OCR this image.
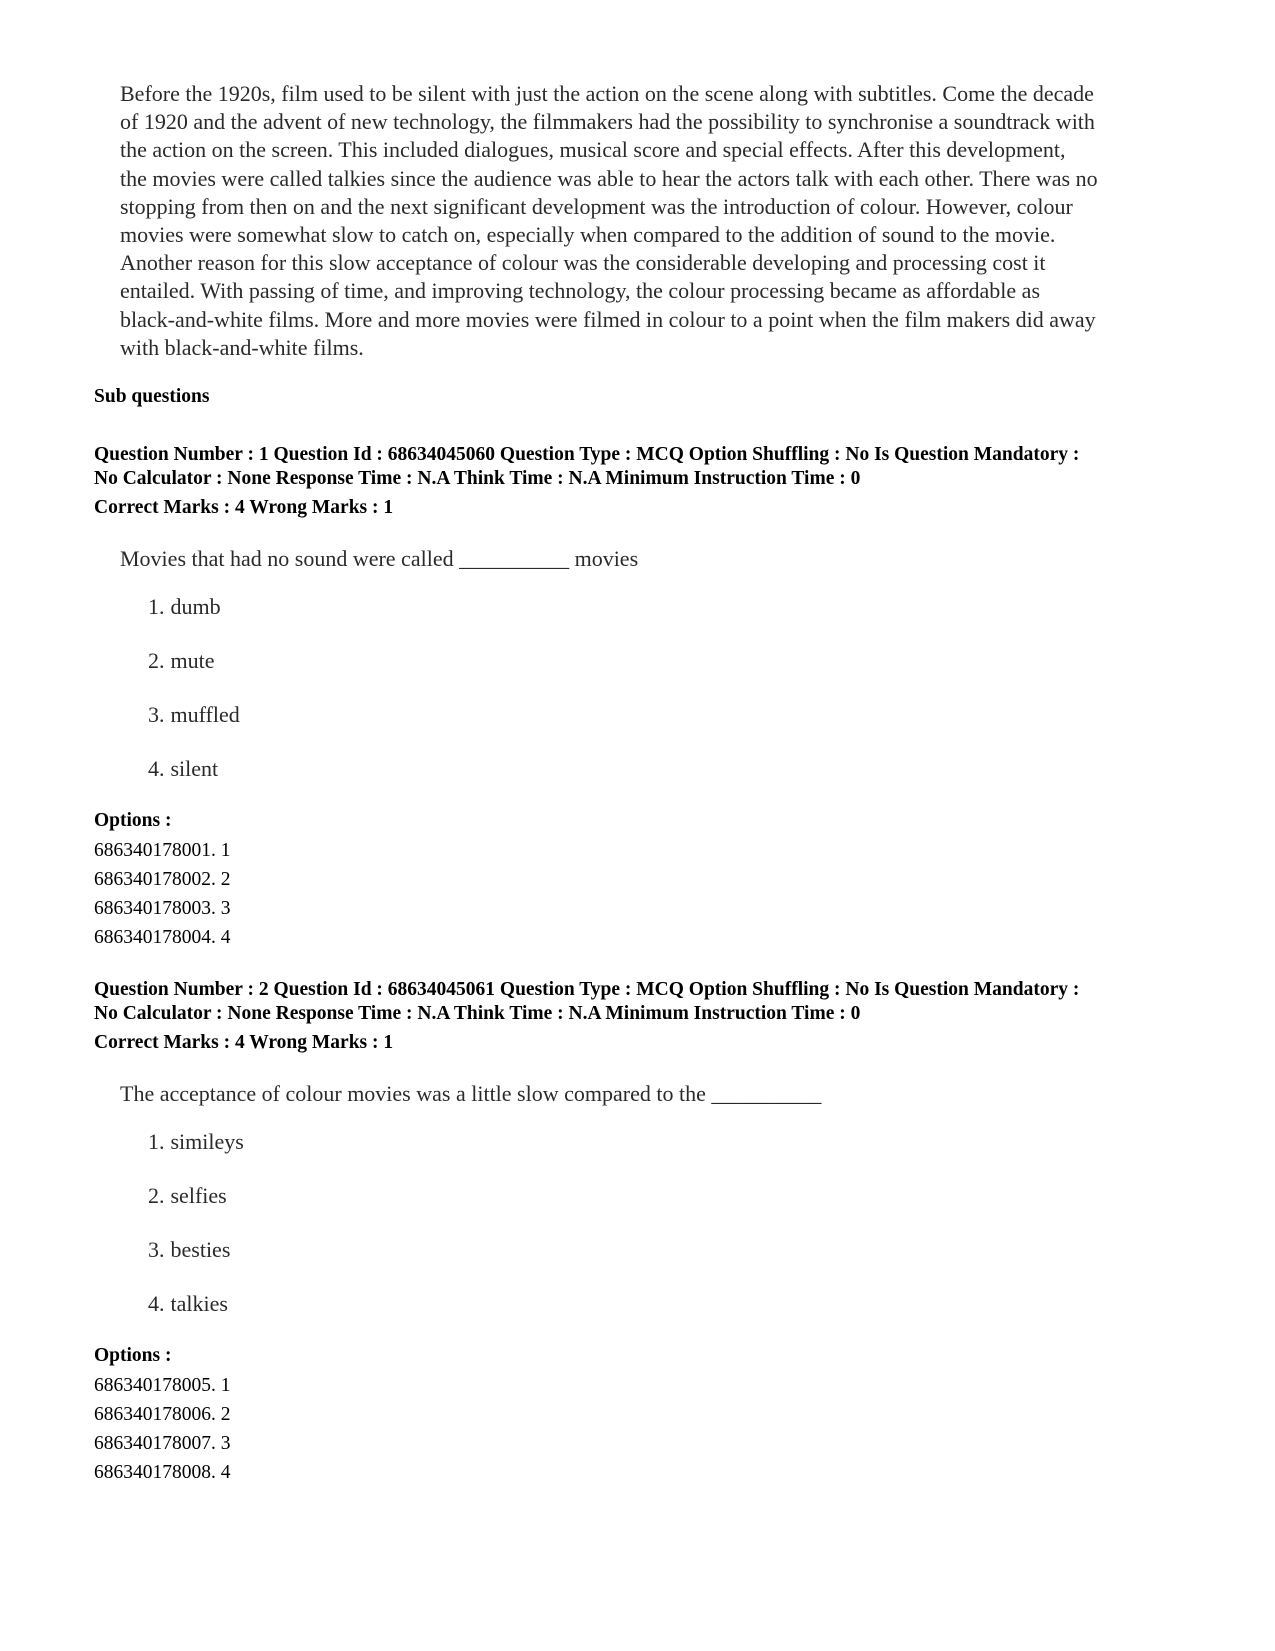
Before the 1920s, film used to be silent with just the action on the scene along with subtitles. Come the decade

of 1920 and the advent of new technology, the filmmakers had the possibility to synchronise a soundtrack with

the action on the screen. This included dialogues, musical score and special effects. After this development,

the movies were called talkies since the audience was able to hear the actors talk with each other. There was no

stopping from then on and the next significant development was the introduction of colour. However, colour

movies were somewhat slow to catch on, especially when compared to the addition of sound to the movie.

Another reason for this slow acceptance of colour was the considerable developing and processing cost it

entailed. With passing of time, and improving technology, the colour processing became as affordable as

black-and-white films. More and more movies were filmed in colour to a point when the film makers did away

with black-and-white films.

Sub questions

Question Number : 1 Question Id : 68634045060 Question Type : MCQ Option Shuffling : No Is Question Mandatory :

No Calculator : None Response Time : N.A Think Time : N.A Minimum Instruction Time : 0

Correct Marks : 4 Wrong Marks : 1

Movies that had no sound were called __________ movies

1. dumb
2. mute
3. muffled
4. silent

Options :

686340178001. 1
686340178002. 2
686340178003. 3
686340178004. 4

Question Number : 2 Question Id : 68634045061 Question Type : MCQ Option Shuffling : No Is Question Mandatory :

No Calculator : None Response Time : N.A Think Time : N.A Minimum Instruction Time : 0

Correct Marks : 4 Wrong Marks : 1

The acceptance of colour movies was a little slow compared to the __________

1. simileys
2. selfies
3. besties
4. talkies

Options :

686340178005. 1
686340178006. 2
686340178007. 3
686340178008. 4
